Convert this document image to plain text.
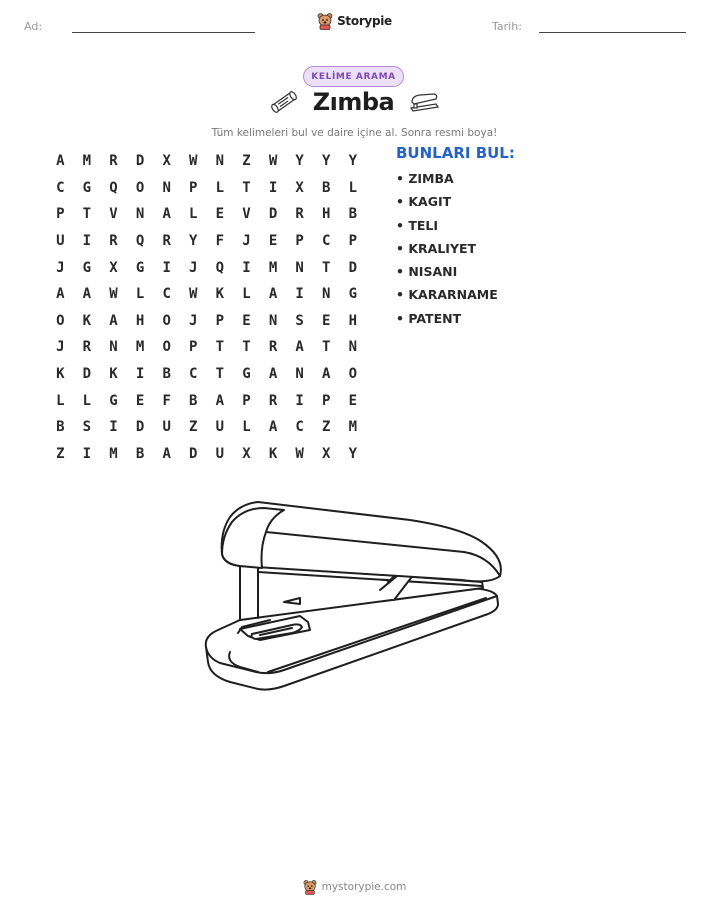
Ad:	Tarih:
Storypie
KELİME ARAMA
Zımba
Tüm kelimeleri bul ve daire içine al. Sonra resmi boya!
A	M	R	D	X	W	N	Z	W	Y	Y	Y
C	G	Q	O	N	P	L	T	I	X	B	L
P	T	V	N	A	L	E	V	D	R	H	B
U	I	R	Q	R	Y	F	J	E	P	C	P
J	G	X	G	I	J	Q	I	M	N	T	D
A	A	W	L	C	W	K	L	A	I	N	G
O	K	A	H	O	J	P	E	N	S	E	H
J	R	N	M	O	P	T	T	R	A	T	N
K	D	K	I	B	C	T	G	A	N	A	O
L	L	G	E	F	B	A	P	R	I	P	E
B	S	I	D	U	Z	U	L	A	C	Z	M
Z	I	M	B	A	D	U	X	K	W	X	Y
BUNLARI BUL:
• ZIMBA
• KAGIT
• TELI
• KRALIYET
• NISANI
• KARARNAME
• PATENT
mystorypie.com
